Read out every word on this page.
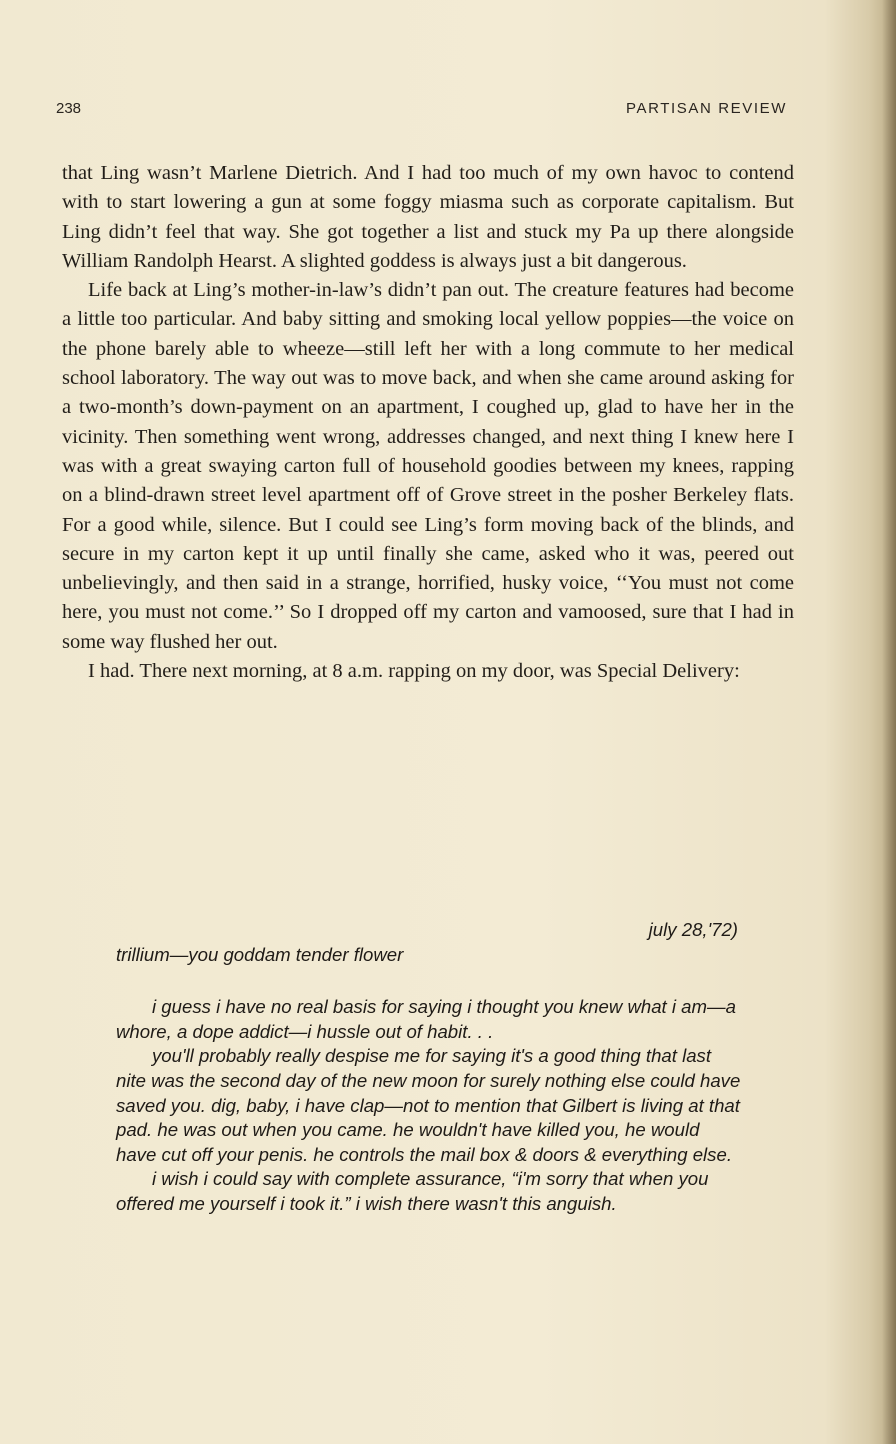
238	PARTISAN REVIEW

that Ling wasn’t Marlene Dietrich. And I had too much of my own havoc to contend with to start lowering a gun at some foggy miasma such as corporate capitalism. But Ling didn’t feel that way. She got together a list and stuck my Pa up there alongside William Randolph Hearst. A slighted goddess is always just a bit dangerous.

Life back at Ling’s mother-in-law’s didn’t pan out. The creature features had become a little too particular. And baby sitting and smoking local yellow poppies—the voice on the phone barely able to wheeze—still left her with a long commute to her medical school laboratory. The way out was to move back, and when she came around asking for a two-month’s down-payment on an apartment, I coughed up, glad to have her in the vicinity. Then something went wrong, addresses changed, and next thing I knew here I was with a great swaying carton full of household goodies between my knees, rapping on a blind-drawn street level apartment off of Grove street in the posher Berkeley flats. For a good while, silence. But I could see Ling’s form moving back of the blinds, and secure in my carton kept it up until finally she came, asked who it was, peered out unbelievingly, and then said in a strange, horrified, husky voice, ‘‘You must not come here, you must not come.’’ So I dropped off my carton and vamoosed, sure that I had in some way flushed her out.

I had. There next morning, at 8 a.m. rapping on my door, was Special Delivery:

july 28,'72)

trillium—you goddam tender flower

i guess i have no real basis for saying i thought you knew what i am—a whore, a dope addict—i hussle out of habit. . .

you'll probably really despise me for saying it's a good thing that last nite was the second day of the new moon for surely nothing else could have saved you. dig, baby, i have clap—not to mention that Gilbert is living at that pad. he was out when you came. he wouldn't have killed you, he would have cut off your penis. he controls the mail box & doors & everything else.

i wish i could say with complete assurance, “i'm sorry that when you offered me yourself i took it.” i wish there wasn't this anguish.
